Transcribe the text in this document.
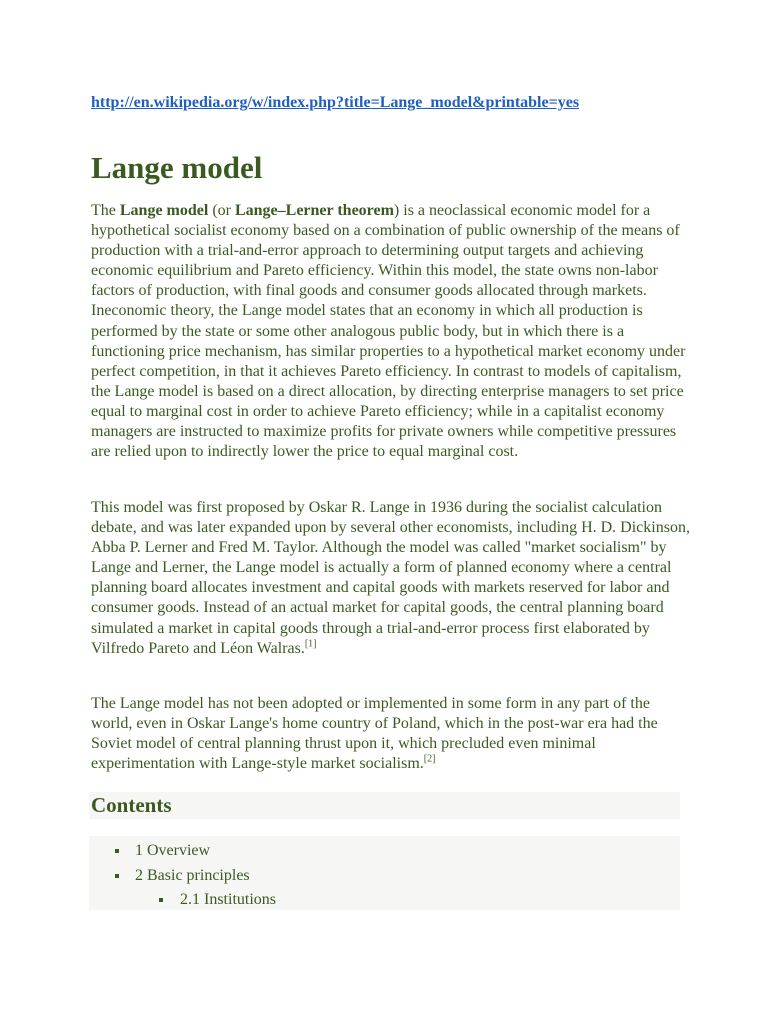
http://en.wikipedia.org/w/index.php?title=Lange_model&printable=yes
Lange model

The Lange model (or Lange–Lerner theorem) is a neoclassical economic model for a hypothetical socialist economy based on a combination of public ownership of the means of production with a trial-and-error approach to determining output targets and achieving economic equilibrium and Pareto efficiency. Within this model, the state owns non-labor factors of production, with final goods and consumer goods allocated through markets. Ineconomic theory, the Lange model states that an economy in which all production is performed by the state or some other analogous public body, but in which there is a functioning price mechanism, has similar properties to a hypothetical market economy under perfect competition, in that it achieves Pareto efficiency. In contrast to models of capitalism, the Lange model is based on a direct allocation, by directing enterprise managers to set price equal to marginal cost in order to achieve Pareto efficiency; while in a capitalist economy managers are instructed to maximize profits for private owners while competitive pressures are relied upon to indirectly lower the price to equal marginal cost.

This model was first proposed by Oskar R. Lange in 1936 during the socialist calculation debate, and was later expanded upon by several other economists, including H. D. Dickinson, Abba P. Lerner and Fred M. Taylor. Although the model was called "market socialism" by Lange and Lerner, the Lange model is actually a form of planned economy where a central planning board allocates investment and capital goods with markets reserved for labor and consumer goods. Instead of an actual market for capital goods, the central planning board simulated a market in capital goods through a trial-and-error process first elaborated by Vilfredo Pareto and Léon Walras.[1]

The Lange model has not been adopted or implemented in some form in any part of the world, even in Oskar Lange's home country of Poland, which in the post-war era had the Soviet model of central planning thrust upon it, which precluded even minimal experimentation with Lange-style market socialism.[2]

Contents
1 Overview
2 Basic principles
2.1 Institutions
